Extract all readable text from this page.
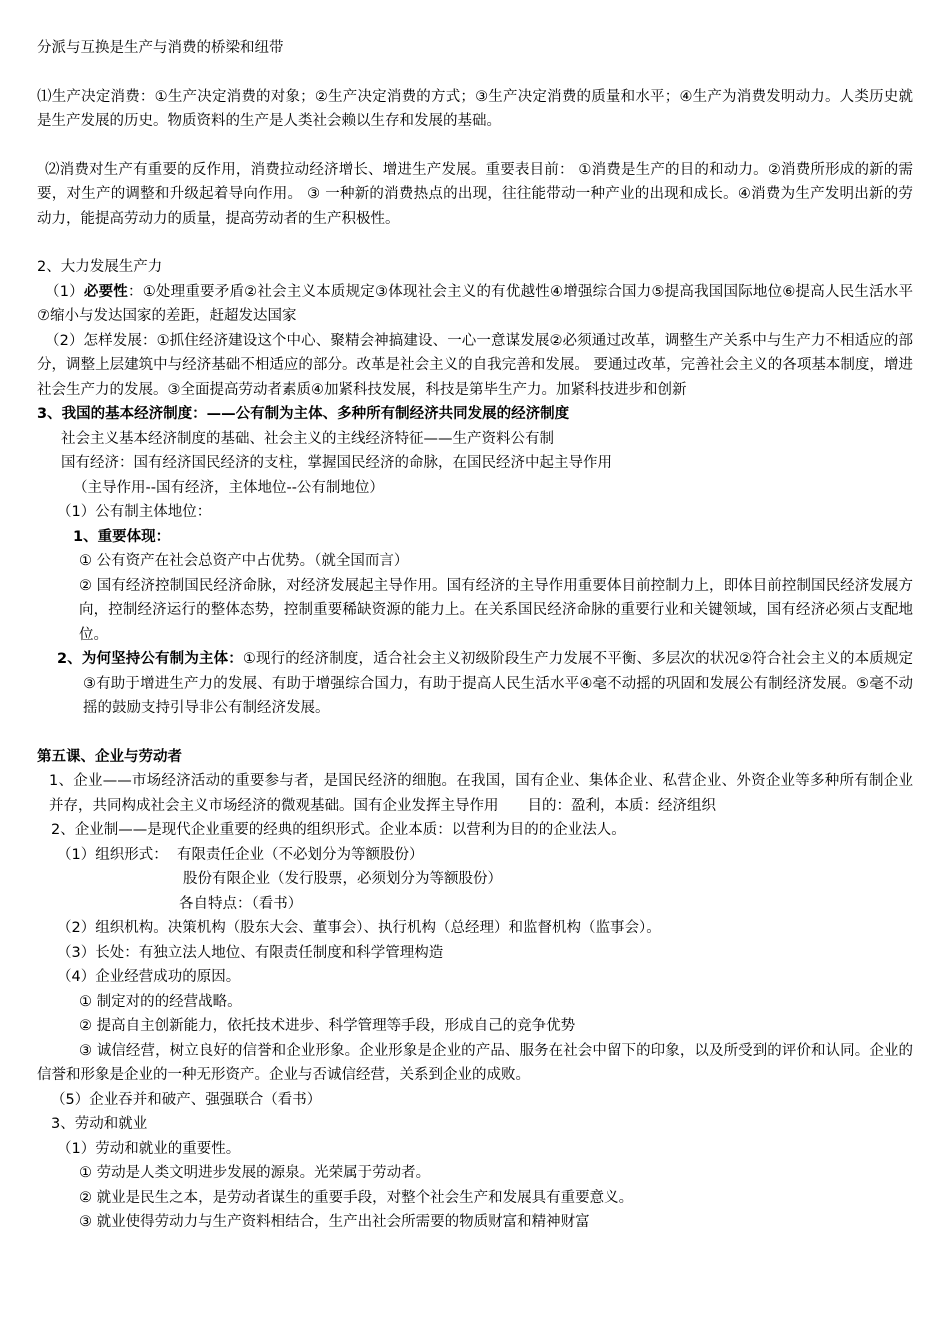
分派与互换是生产与消费的桥梁和纽带

⑴生产决定消费：①生产决定消费的对象；②生产决定消费的方式；③生产决定消费的质量和水平；④生产为消费发明动力。人类历史就是生产发展的历史。物质资料的生产是人类社会赖以生存和发展的基础。

⑵消费对生产有重要的反作用，消费拉动经济增长、增进生产发展。重要表目前： ①消费是生产的目的和动力。②消费所形成的新的需要，对生产的调整和升级起着导向作用。 ③ 一种新的消费热点的出现，往往能带动一种产业的出现和成长。④消费为生产发明出新的劳动力，能提高劳动力的质量，提高劳动者的生产积极性。

2、大力发展生产力

（1）必要性：①处理重要矛盾②社会主义本质规定③体现社会主义的有优越性④增强综合国力⑤提高我国国际地位⑥提高人民生活水平⑦缩小与发达国家的差距，赶超发达国家

（2）怎样发展：①抓住经济建设这个中心、聚精会神搞建设、一心一意谋发展②必须通过改革，调整生产关系中与生产力不相适应的部分，调整上层建筑中与经济基础不相适应的部分。改革是社会主义的自我完善和发展。 要通过改革，完善社会主义的各项基本制度，增进社会生产力的发展。③全面提高劳动者素质④加紧科技发展，科技是第毕生产力。加紧科技进步和创新

3、我国的基本经济制度：——公有制为主体、多种所有制经济共同发展的经济制度

社会主义基本经济制度的基础、社会主义的主线经济特征——生产资料公有制

国有经济：国有经济国民经济的支柱，掌握国民经济的命脉，在国民经济中起主导作用

（主导作用--国有经济，主体地位--公有制地位）

（1）公有制主体地位：

1、重要体现：

① 公有资产在社会总资产中占优势。（就全国而言）

② 国有经济控制国民经济命脉，对经济发展起主导作用。国有经济的主导作用重要体目前控制力上，即体目前控制国民经济发展方向，控制经济运行的整体态势，控制重要稀缺资源的能力上。在关系国民经济命脉的重要行业和关键领域，国有经济必须占支配地位。

2、为何坚持公有制为主体：①现行的经济制度，适合社会主义初级阶段生产力发展不平衡、多层次的状况②符合社会主义的本质规定③有助于增进生产力的发展、有助于增强综合国力，有助于提高人民生活水平④毫不动摇的巩固和发展公有制经济发展。⑤毫不动摇的鼓励支持引导非公有制经济发展。

第五课、企业与劳动者

1、企业——市场经济活动的重要参与者，是国民经济的细胞。在我国，国有企业、集体企业、私营企业、外资企业等多种所有制企业并存，共同构成社会主义市场经济的微观基础。国有企业发挥主导作用　　目的：盈利，本质：经济组织

2、企业制——是现代企业重要的经典的组织形式。企业本质：以营利为目的的企业法人。

（1）组织形式：  有限责任企业（不必划分为等额股份）

股份有限企业（发行股票，必须划分为等额股份）

各自特点：（看书）

（2）组织机构。决策机构（股东大会、董事会）、执行机构（总经理）和监督机构（监事会）。

（3）长处：有独立法人地位、有限责任制度和科学管理构造

（4）企业经营成功的原因。

① 制定对的的经营战略。

② 提高自主创新能力，依托技术进步、科学管理等手段，形成自己的竞争优势

③ 诚信经营，树立良好的信誉和企业形象。企业形象是企业的产品、服务在社会中留下的印象，以及所受到的评价和认同。企业的信誉和形象是企业的一种无形资产。企业与否诚信经营，关系到企业的成败。

（5）企业吞并和破产、强强联合（看书）

3、劳动和就业

（1）劳动和就业的重要性。

① 劳动是人类文明进步发展的源泉。光荣属于劳动者。

② 就业是民生之本，是劳动者谋生的重要手段，对整个社会生产和发展具有重要意义。

③ 就业使得劳动力与生产资料相结合，生产出社会所需要的物质财富和精神财富
